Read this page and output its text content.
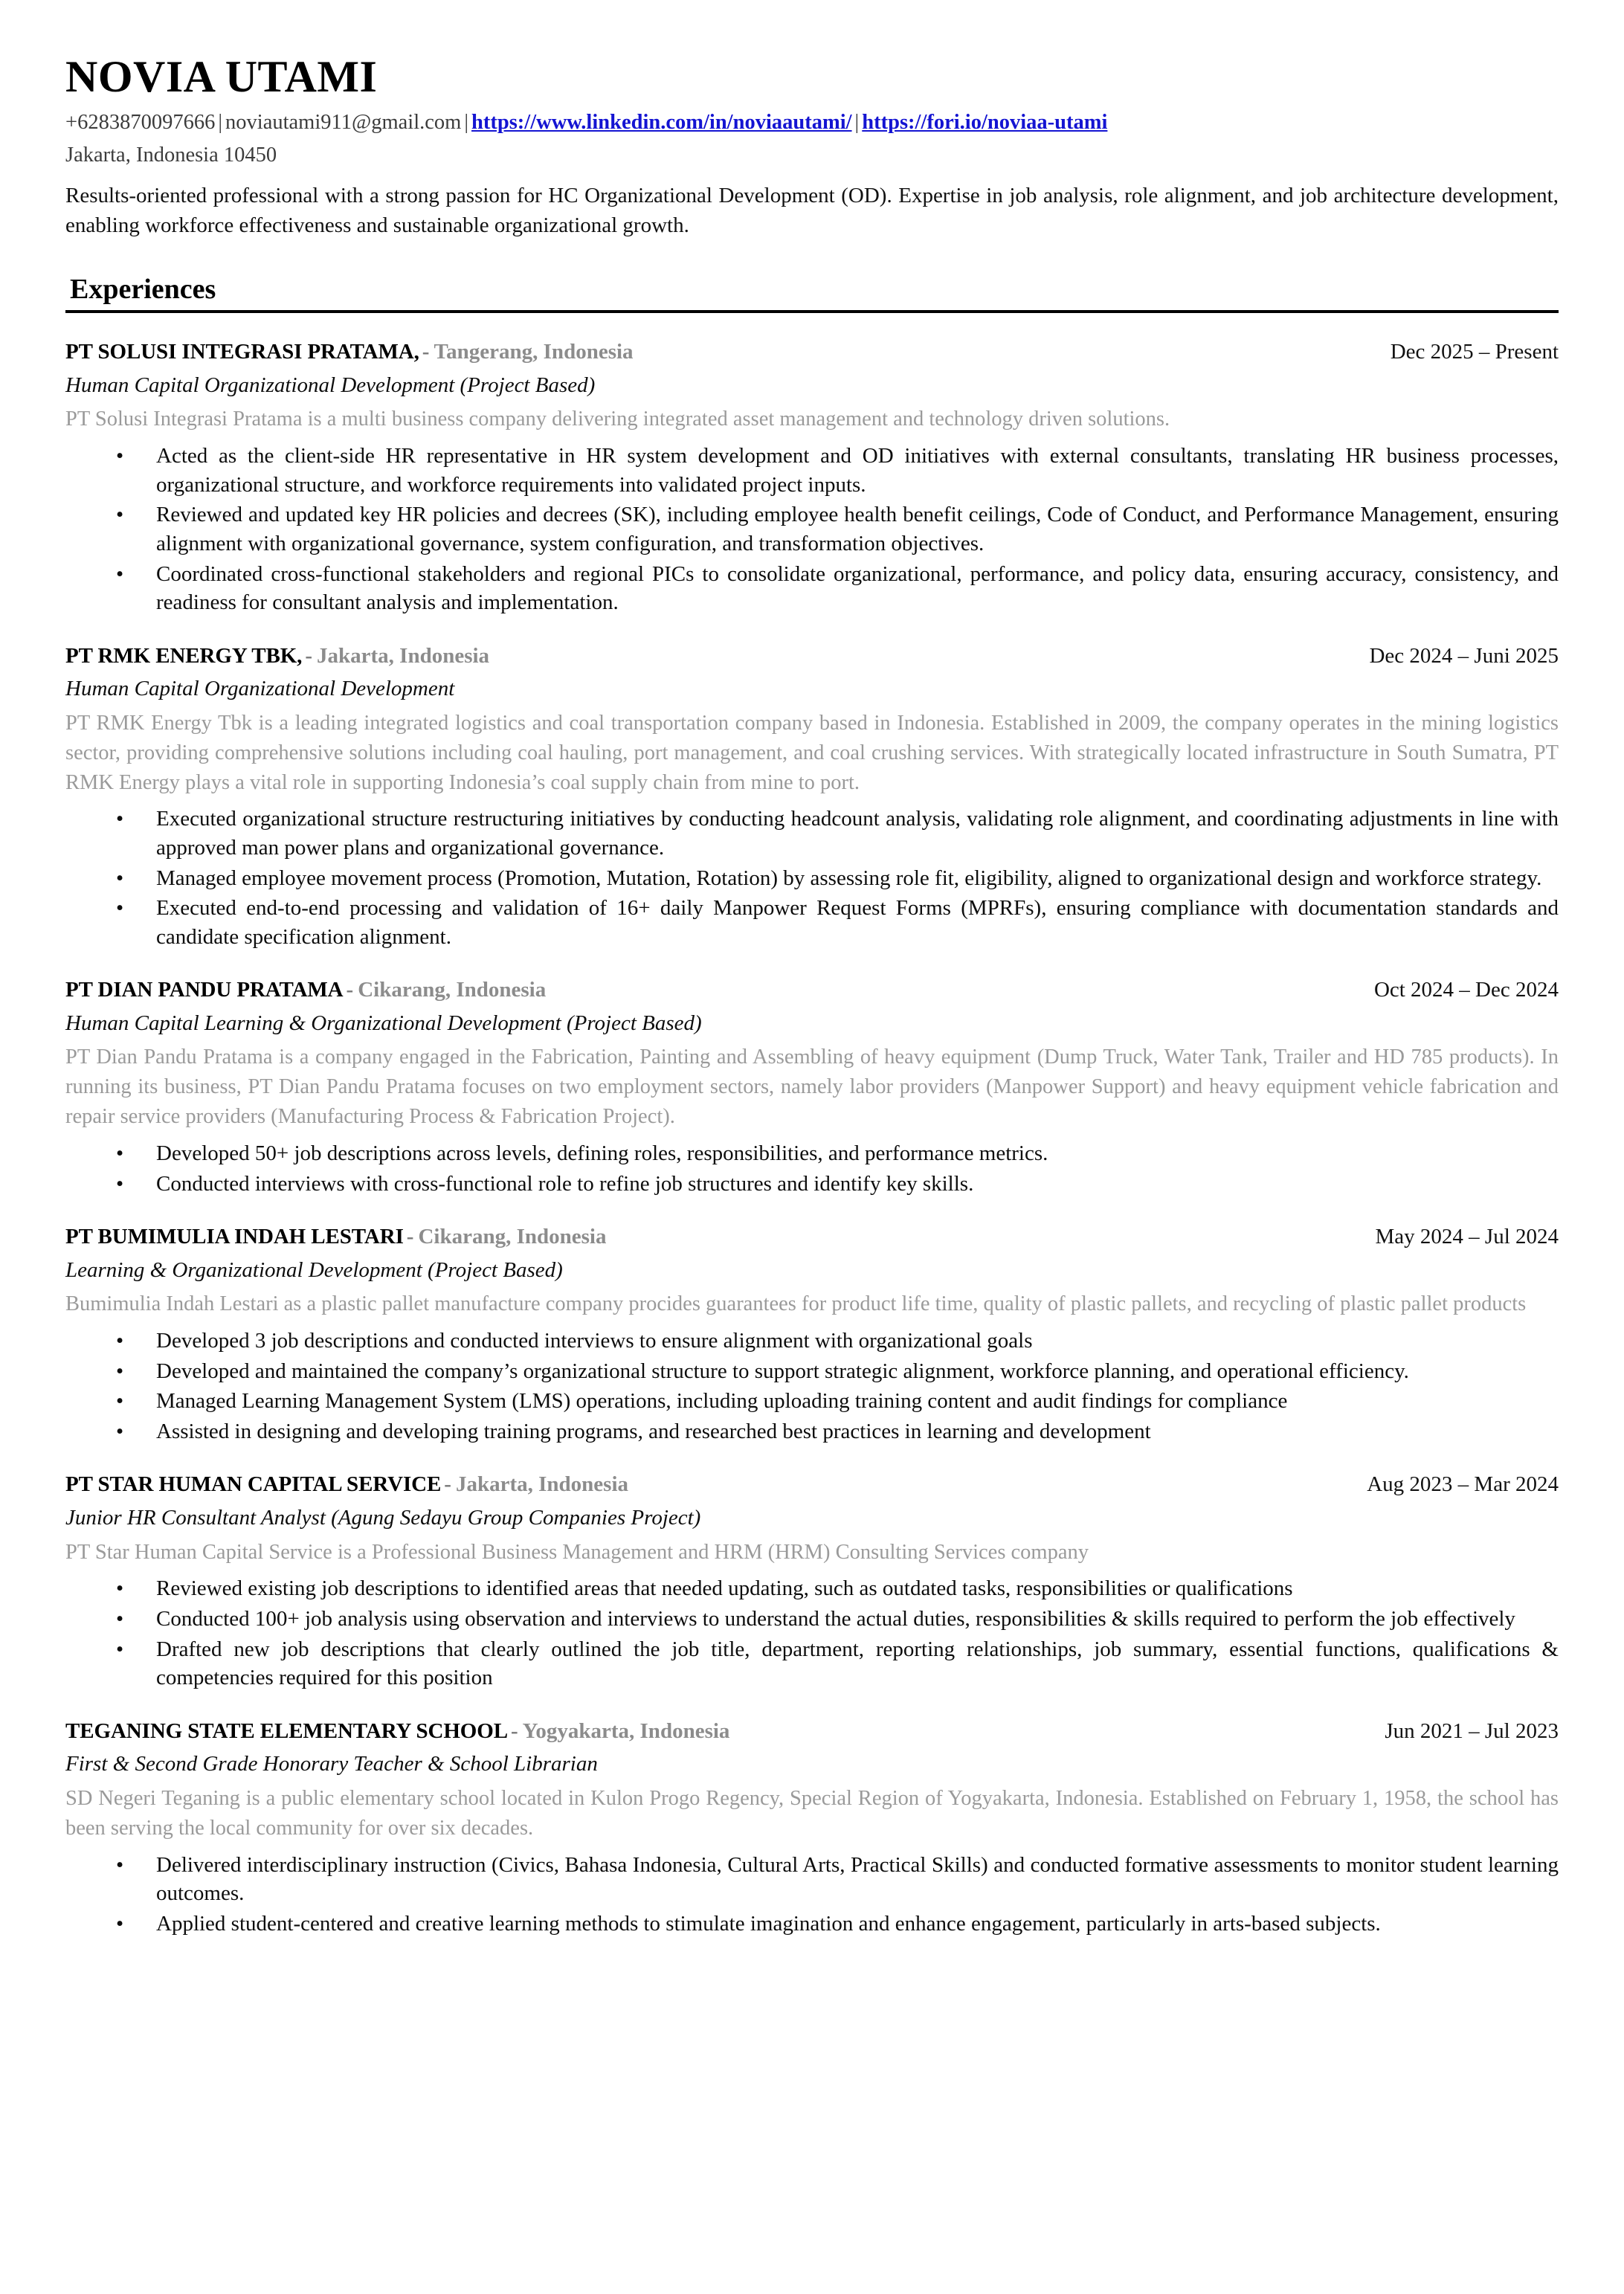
NOVIA UTAMI
+6283870097666 | noviautami911@gmail.com | https://www.linkedin.com/in/noviaautami/ | https://fori.io/noviaa-utami
Jakarta, Indonesia 10450
Results-oriented professional with a strong passion for HC Organizational Development (OD). Expertise in job analysis, role alignment, and job architecture development, enabling workforce effectiveness and sustainable organizational growth.
Experiences
PT SOLUSI INTEGRASI PRATAMA, - Tangerang, Indonesia	Dec 2025 – Present
Human Capital Organizational Development (Project Based)
PT Solusi Integrasi Pratama is a multi business company delivering integrated asset management and technology driven solutions.
• Acted as the client-side HR representative in HR system development and OD initiatives with external consultants, translating HR business processes, organizational structure, and workforce requirements into validated project inputs.
• Reviewed and updated key HR policies and decrees (SK), including employee health benefit ceilings, Code of Conduct, and Performance Management, ensuring alignment with organizational governance, system configuration, and transformation objectives.
• Coordinated cross-functional stakeholders and regional PICs to consolidate organizational, performance, and policy data, ensuring accuracy, consistency, and readiness for consultant analysis and implementation.
PT RMK ENERGY TBK, - Jakarta, Indonesia	Dec 2024 – Juni 2025
Human Capital Organizational Development
PT RMK Energy Tbk is a leading integrated logistics and coal transportation company based in Indonesia. Established in 2009, the company operates in the mining logistics sector, providing comprehensive solutions including coal hauling, port management, and coal crushing services. With strategically located infrastructure in South Sumatra, PT RMK Energy plays a vital role in supporting Indonesia’s coal supply chain from mine to port.
• Executed organizational structure restructuring initiatives by conducting headcount analysis, validating role alignment, and coordinating adjustments in line with approved man power plans and organizational governance.
• Managed employee movement process (Promotion, Mutation, Rotation) by assessing role fit, eligibility, aligned to organizational design and workforce strategy.
• Executed end-to-end processing and validation of 16+ daily Manpower Request Forms (MPRFs), ensuring compliance with documentation standards and candidate specification alignment.
PT DIAN PANDU PRATAMA - Cikarang, Indonesia	Oct 2024 – Dec 2024
Human Capital Learning & Organizational Development (Project Based)
PT Dian Pandu Pratama is a company engaged in the Fabrication, Painting and Assembling of heavy equipment (Dump Truck, Water Tank, Trailer and HD 785 products). In running its business, PT Dian Pandu Pratama focuses on two employment sectors, namely labor providers (Manpower Support) and heavy equipment vehicle fabrication and repair service providers (Manufacturing Process & Fabrication Project).
• Developed 50+ job descriptions across levels, defining roles, responsibilities, and performance metrics.
• Conducted interviews with cross-functional role to refine job structures and identify key skills.
PT BUMIMULIA INDAH LESTARI - Cikarang, Indonesia	May 2024 – Jul 2024
Learning & Organizational Development (Project Based)
Bumimulia Indah Lestari as a plastic pallet manufacture company procides guarantees for product life time, quality of plastic pallets, and recycling of plastic pallet products
• Developed 3 job descriptions and conducted interviews to ensure alignment with organizational goals
• Developed and maintained the company’s organizational structure to support strategic alignment, workforce planning, and operational efficiency.
• Managed Learning Management System (LMS) operations, including uploading training content and audit findings for compliance
• Assisted in designing and developing training programs, and researched best practices in learning and development
PT STAR HUMAN CAPITAL SERVICE - Jakarta, Indonesia	Aug 2023 – Mar 2024
Junior HR Consultant Analyst (Agung Sedayu Group Companies Project)
PT Star Human Capital Service is a Professional Business Management and HRM (HRM) Consulting Services company
• Reviewed existing job descriptions to identified areas that needed updating, such as outdated tasks, responsibilities or qualifications
• Conducted 100+ job analysis using observation and interviews to understand the actual duties, responsibilities & skills required to perform the job effectively
• Drafted new job descriptions that clearly outlined the job title, department, reporting relationships, job summary, essential functions, qualifications & competencies required for this position
TEGANING STATE ELEMENTARY SCHOOL - Yogyakarta, Indonesia	Jun 2021 – Jul 2023
First & Second Grade Honorary Teacher & School Librarian
SD Negeri Teganing is a public elementary school located in Kulon Progo Regency, Special Region of Yogyakarta, Indonesia. Established on February 1, 1958, the school has been serving the local community for over six decades.
• Delivered interdisciplinary instruction (Civics, Bahasa Indonesia, Cultural Arts, Practical Skills) and conducted formative assessments to monitor student learning outcomes.
• Applied student-centered and creative learning methods to stimulate imagination and enhance engagement, particularly in arts-based subjects.
